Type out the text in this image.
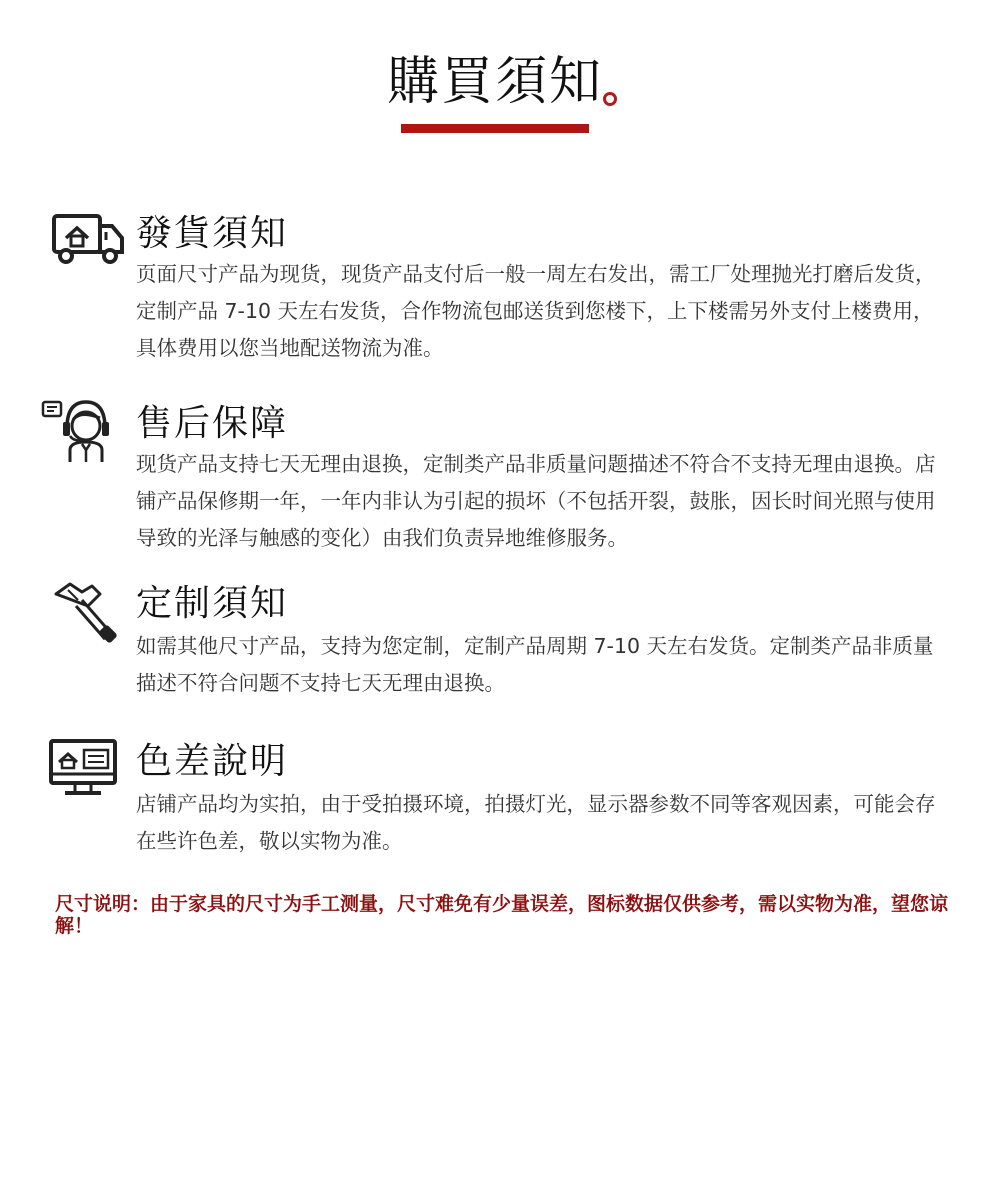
購買須知
發貨須知
页面尺寸产品为现货，现货产品支付后一般一周左右发出，需工厂处理抛光打磨后发货，定制产品 7-10 天左右发货，合作物流包邮送货到您楼下，上下楼需另外支付上楼费用，具体费用以您当地配送物流为准。
售后保障
现货产品支持七天无理由退换，定制类产品非质量问题描述不符合不支持无理由退换。店铺产品保修期一年，一年内非认为引起的损坏（不包括开裂，鼓胀，因长时间光照与使用导致的光泽与触感的变化）由我们负责异地维修服务。
定制須知
如需其他尺寸产品，支持为您定制，定制产品周期 7-10 天左右发货。定制类产品非质量描述不符合问题不支持七天无理由退换。
色差說明
店铺产品均为实拍，由于受拍摄环境，拍摄灯光，显示器参数不同等客观因素，可能会存在些许色差，敬以实物为准。
尺寸说明：由于家具的尺寸为手工测量，尺寸难免有少量误差，图标数据仅供参考，需以实物为准，望您谅解！
